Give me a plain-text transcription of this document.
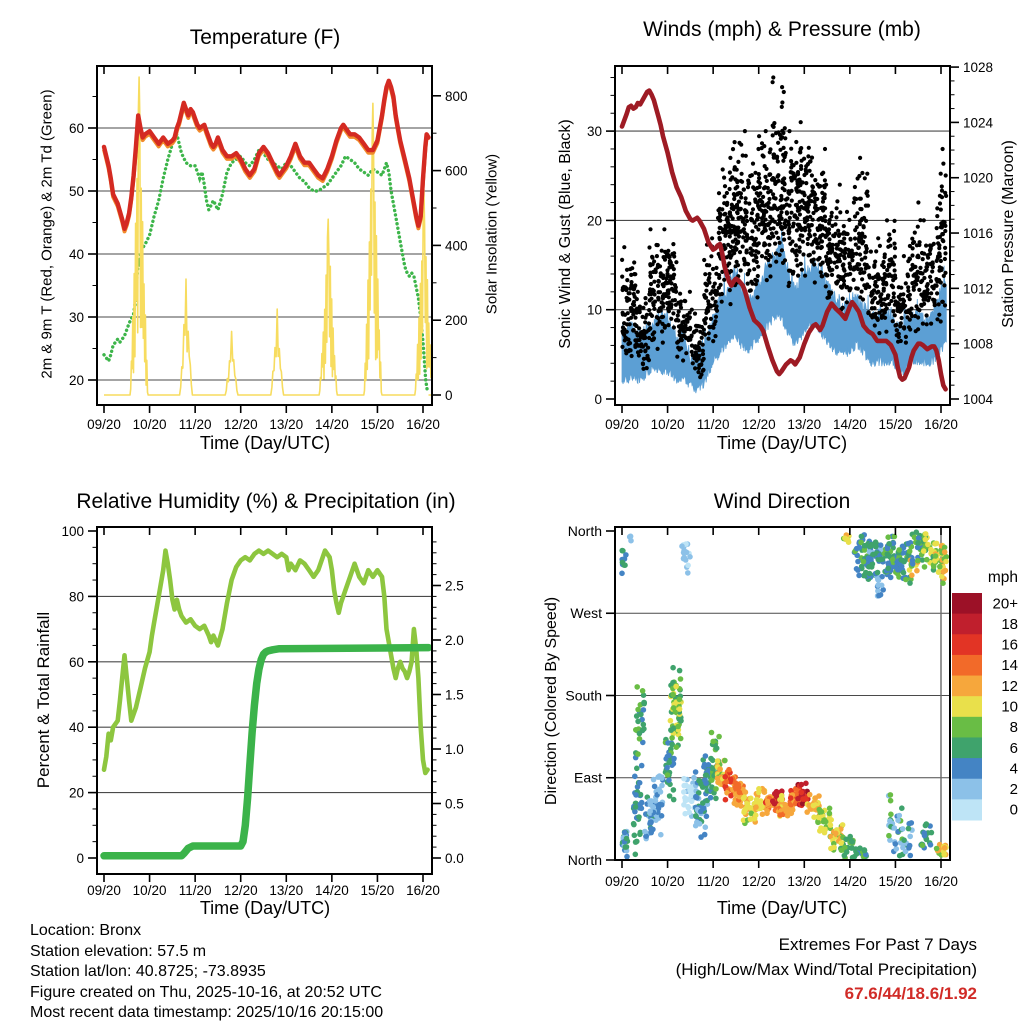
20
30
40
50
60
0
200
400
600
800
09/20 10/20 11/20 12/20 13/20 14/20 15/20 16/20
0
10
20
30
1004
1008
1012
1016
1020
1024
1028
09/20 10/20 11/20 12/20 13/20 14/20 15/20 16/20
0
20
40
60
80
100
0.0
0.5
1.0
1.5
2.0
2.5
09/20 10/20 11/20 12/20 13/20 14/20 15/20 16/20
North
West
South
East
North
09/20 10/20 11/20 12/20 13/20 14/20 15/20 16/20
20+
18
16
14
12
10
8
6
4
2
0
mph
Temperature (F)	Winds (mph) & Pressure (mb)
Relative Humidity (%) & Precipitation (in)	Wind Direction
2m & 9m T (Red, Orange) & 2m Td (Green)	Solar Insolation (Yellow)	Sonic Wind & Gust (Blue, Black)	Station Pressure (Maroon)
Percent & Total Rainfall	Direction (Colored By Speed)
Time (Day/UTC)	Time (Day/UTC)
Time (Day/UTC)	Time (Day/UTC)
Location: Bronx
Station elevation: 57.5 m
Station lat/lon: 40.8725; -73.8935
Figure created on Thu, 2025-10-16, at 20:52 UTC
Most recent data timestamp: 2025/10/16 20:15:00
Extremes For Past 7 Days
(High/Low/Max Wind/Total Precipitation)
67.6/44/18.6/1.92
